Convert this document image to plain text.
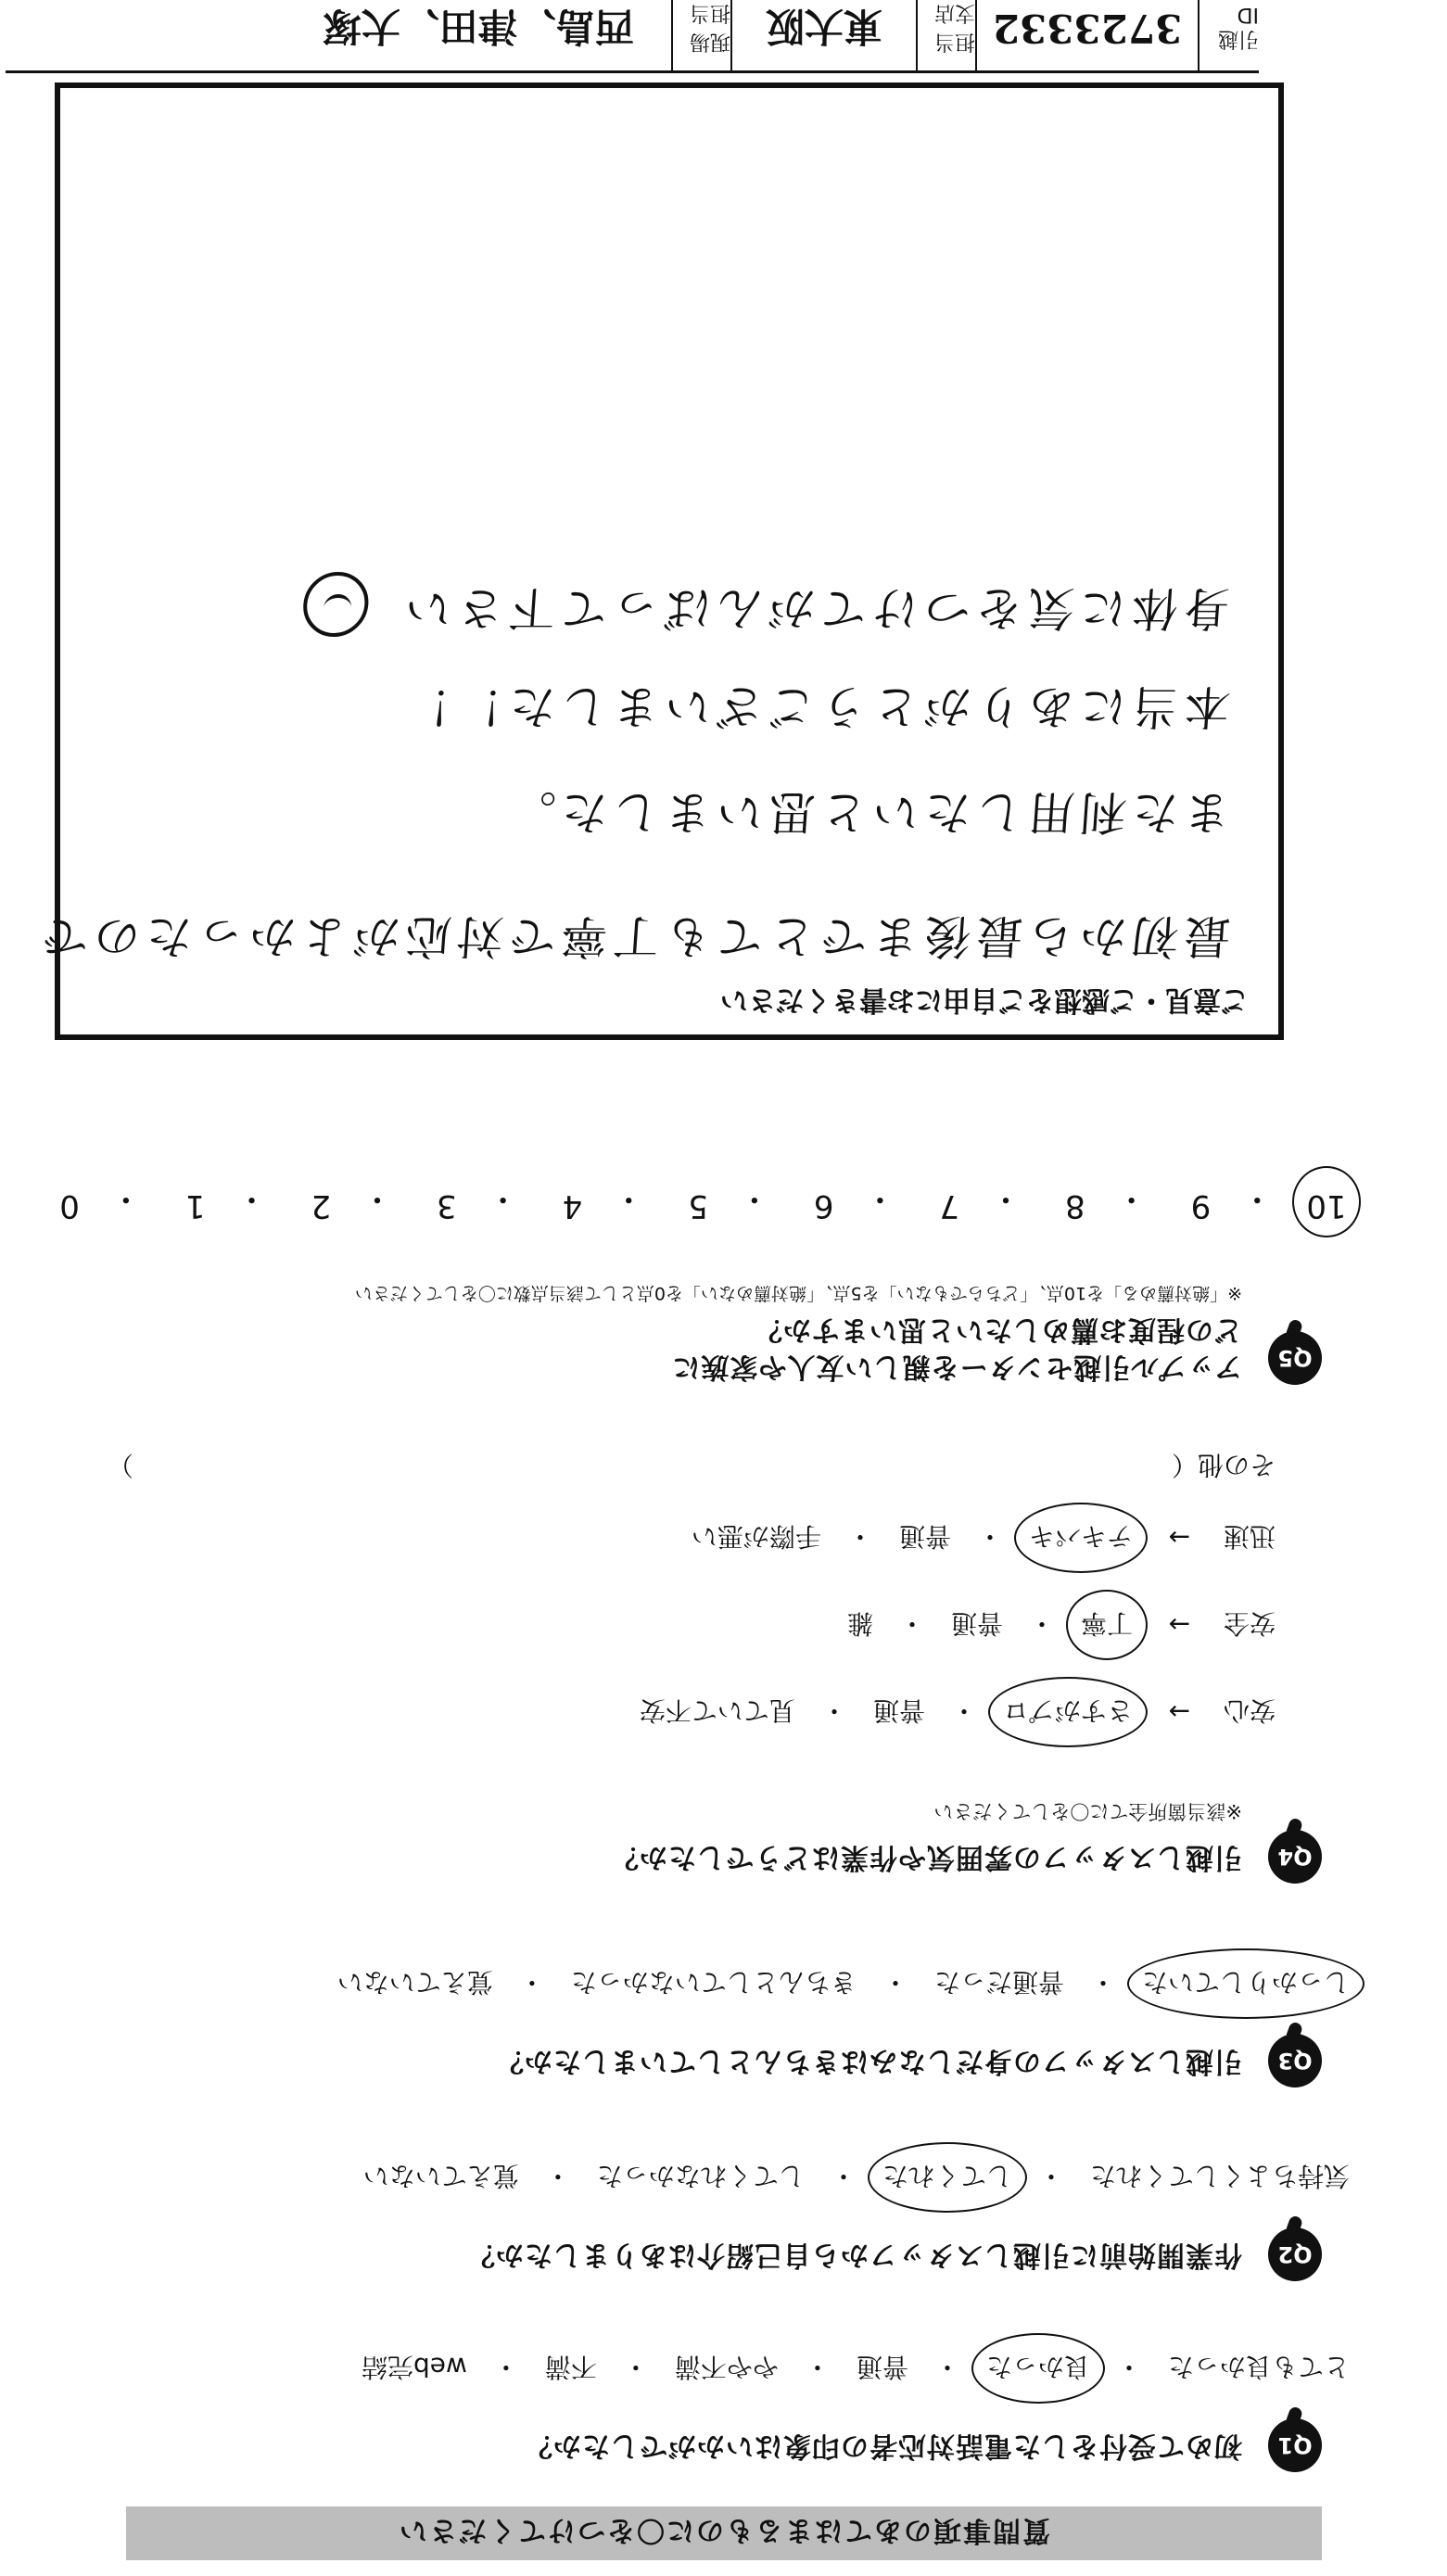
質問事項のあてはまるものに〇をつけてください
Q1
初めて受付をした電話対応者の印象はいかがでしたか？
とても良かった
・
良かった
・
普通
・
やや不満
・
不満
・
web完結
Q2
作業開始前に引越しスタッフから自己紹介はありましたか？
気持ちよくしてくれた
・
してくれた
・
してくれなかった
・
覚えていない
Q3
引越しスタッフの身だしなみはきちんとしていましたか？
しっかりしていた
・
普通だった
・
きちんとしていなかった
・
覚えていない
Q4
引越しスタッフの雰囲気や作業はどうでしたか？
※該当箇所全てに〇をしてください
安心
→
さすがプロ
・
普通
・
見ていて不安
安全
→
丁寧
・
普通
・
雑
迅速
→
テキパキ
・
普通
・
手際が悪い
その他（
）
Q5
アップル引越センターを親しい友人や家族に
どの程度お薦めしたいと思いますか？
※「絶対薦める」を10点、「どちらでもない」を5点、「絶対薦めない」を0点として該当点数に〇をしてください
10
・
9
・
8
・
7
・
6
・
5
・
4
・
3
・
2
・
1
・
0
ご意見・ご感想をご自由にお書きください
最初から最後までとても丁寧で対応がよかったので
また利用したいと思いました。
本当にありがとうございました！！
身体に気をつけてがんばって下さい
引越ID
3723332
担当支店
東大阪
現場担当
西島、津田、大塚
